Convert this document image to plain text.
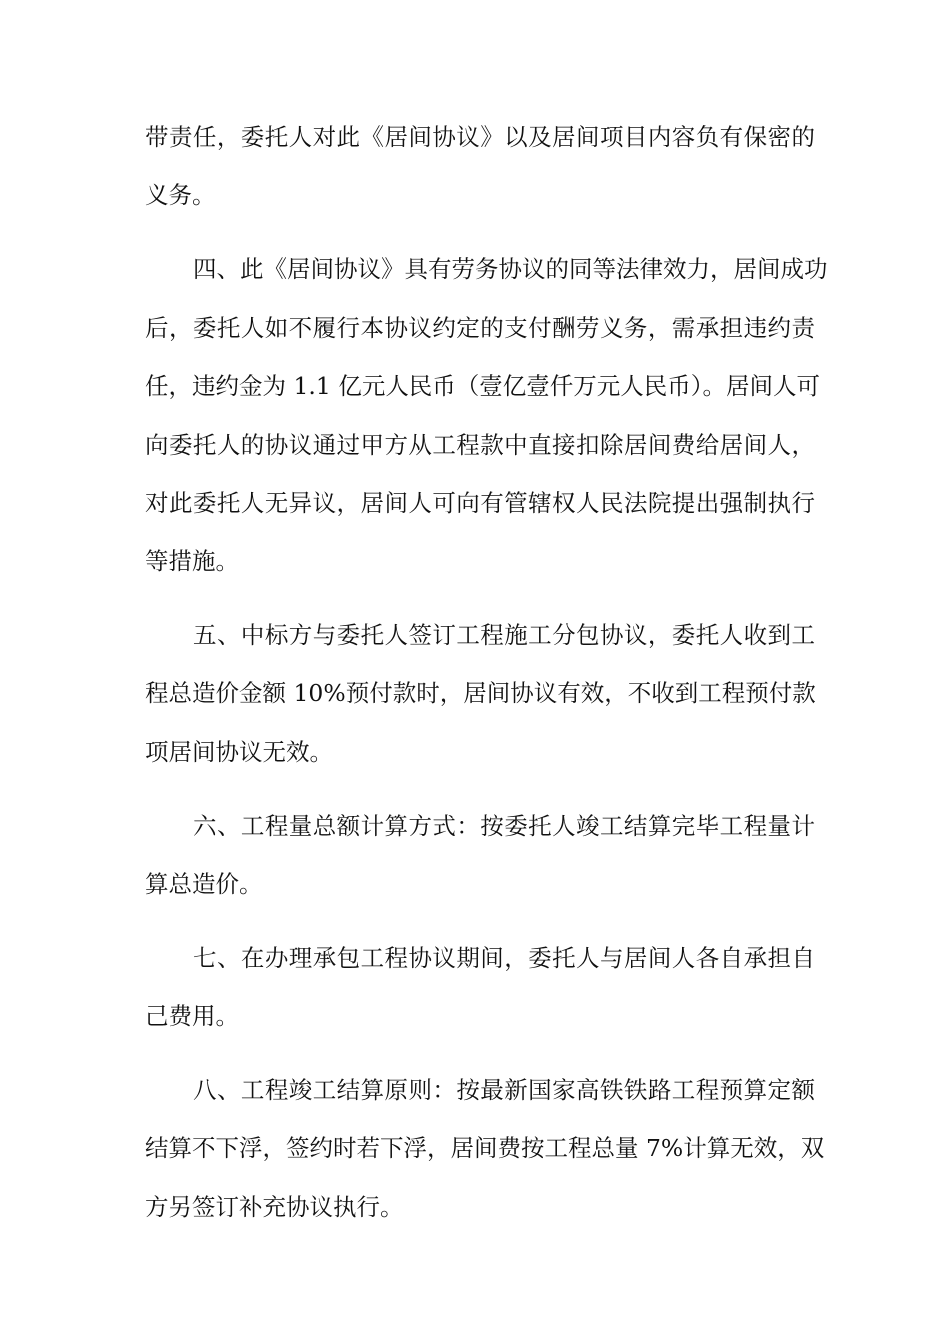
带责任，委托人对此《居间协议》以及居间项目内容负有保密的
义务。
四、此《居间协议》具有劳务协议的同等法律效力，居间成功
后，委托人如不履行本协议约定的支付酬劳义务，需承担违约责
任，违约金为 1.1 亿元人民币（壹亿壹仟万元人民币）。居间人可
向委托人的协议通过甲方从工程款中直接扣除居间费给居间人，
对此委托人无异议，居间人可向有管辖权人民法院提出强制执行
等措施。
五、中标方与委托人签订工程施工分包协议，委托人收到工
程总造价金额 10%预付款时，居间协议有效，不收到工程预付款
项居间协议无效。
六、工程量总额计算方式：按委托人竣工结算完毕工程量计
算总造价。
七、在办理承包工程协议期间，委托人与居间人各自承担自
己费用。
八、工程竣工结算原则：按最新国家高铁铁路工程预算定额
结算不下浮，签约时若下浮，居间费按工程总量 7%计算无效，双
方另签订补充协议执行。
